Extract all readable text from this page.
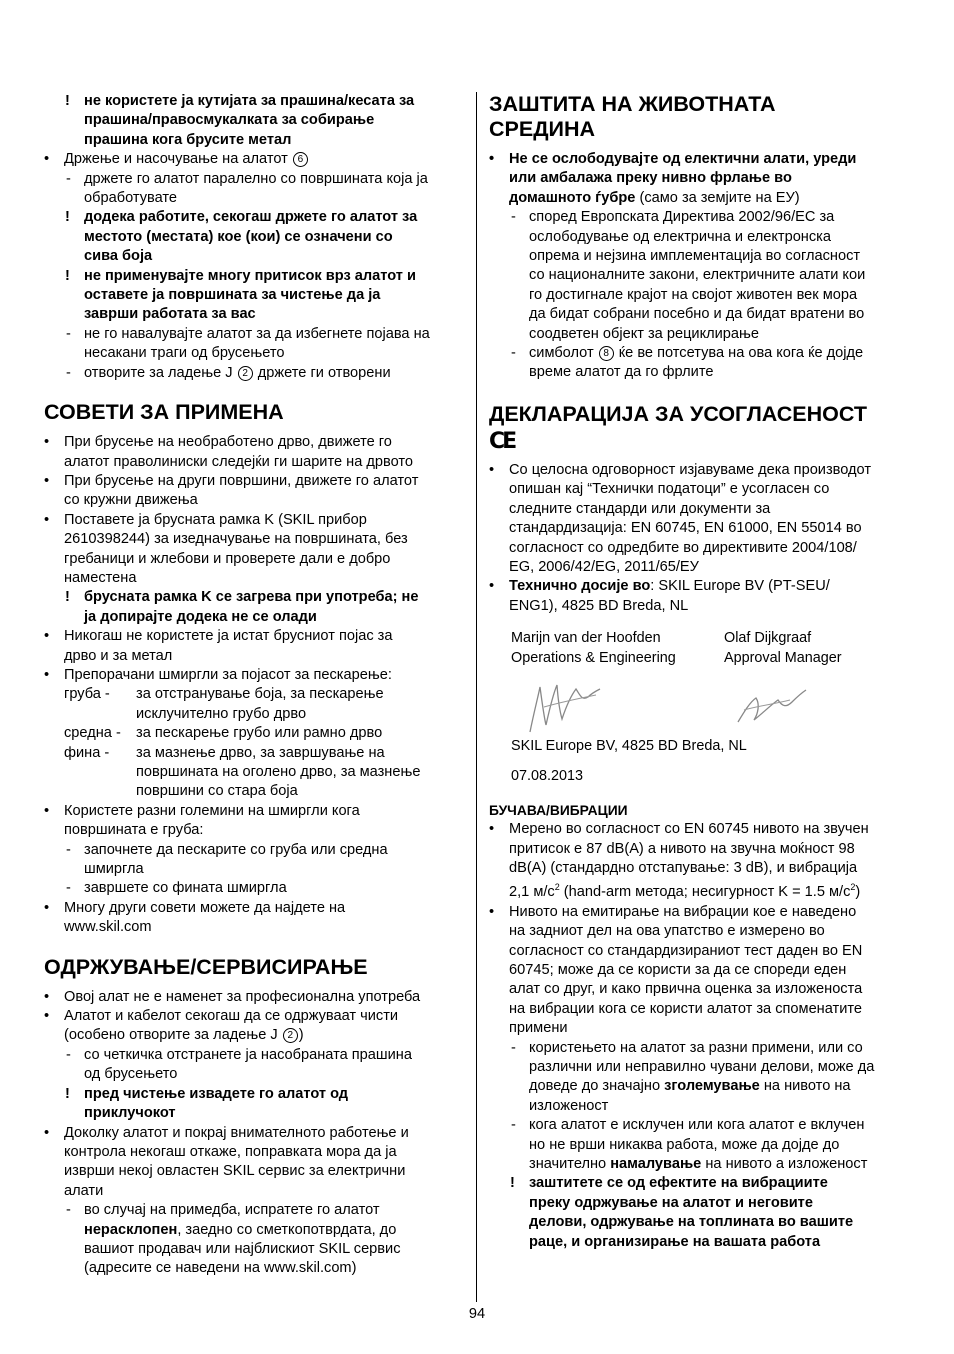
! не користете ја кутијата за прашина/кесата за
прашина/правосмукалката за собирање
прашина кога брусите метал
• Држење и насочување на алатот 6
- држете го алатот паралелно со површината која ја
обработувате
! додека работите, секогаш држете го алатот за
местото (местата) кое (кои) се означени со
сива боја
! не применувајте многу притисок врз алатот и
оставете ја површината за чистење да ја
заврши работата за вас
- не го навалувајте алатот за да избегнете појава на
несакани траги од брусењето
- отворите за ладење J 2 држете ги отворени
СОВЕТИ ЗА ПРИМЕНА
• При брусење на необработено дрво, движете го
алатот праволиниски следејќи ги шарите на дрвото
• При брусење на други површини, движете го алатот
со кружни движења
• Поставете ја брусната рамка K (SKIL прибор
2610398244) за изедначување на површината, без
гребаници и жлебови и проверете дали е добро
наместена
! брусната рамка K се загрева при употреба; не
ја допирајте додека не се олади
• Никогаш не користете ја истат брусниот појас за
дрво и за метал
• Препорачани шмиргли за појасот за пескарење:
груба - за отстранување боја, за пескарење
исклучително грубо дрво
средна - за пескарење грубо или рамно дрво
фина - за мазнење дрво, за завршување на
површината на оголено дрво, за мазнење
површини со стара боја
• Користете разни големини на шмиргли кога
површината е груба:
- започнете да пескарите со груба или средна
шмиргла
- завршете со фината шмиргла
• Многу други совети можете да најдете на
www.skil.com
ОДРЖУВАЊЕ/СЕРВИСИРАЊЕ
• Овој алат не е наменет за професионална употреба
• Алатот и кабелот секогаш да се одржуваат чисти
(особено отворите за ладење J 2 )
- со четкичка отстранете ја насобраната прашина
од брусењето
! пред чистење извадете го алатот од
приклучокот
• Доколку алатот и покрај внимателното работење и
контрола некогаш откаже, поправката мора да ја
изврши некој овластен SKIL сервис за електрични
алати
- во случај на примедба, испратете го алатот
нерасклопен, заедно со сметкопотврдата, до
вашиот продавач или најблискиот SKIL сервис
(адресите се наведени на www.skil.com)
ЗАШТИТА НА ЖИВОТНАТА
СРЕДИНА
• Не се ослободувајте од електични алати, уреди
или амбалажа преку нивно фрлање во
домашното ѓубре (само за земјите на ЕУ)
- според Европската Директива 2002/96/ЕС за
ослободување од електрична и електронска
опрема и нејзина имплементација во согласност
со националните закони, електричните алати кои
го достигнале крајот на својот животен век мора
да бидат собрани посебно и да бидат вратени во
соодветен објект за рециклирање
- симболот 8 ќе ве потсетува на ова кога ќе дојде
време алатот да го фрлите
ДЕКЛАРАЦИЈА ЗА УСОГЛАСЕНОСТ
CE
• Со целосна одговорност изјавуваме дека производот
опишан кај “Технички податоци” е усогласен со
следните стандарди или документи за
стандардизација: EN 60745, EN 61000, EN 55014 во
согласност со одредбите во директивите 2004/108/
EG, 2006/42/EG, 2011/65/ЕУ
• Технично досије во: SKIL Europe BV (PT-SEU/
ENG1), 4825 BD Breda, NL
Marijn van der Hoofden
Operations & Engineering
Olaf Dijkgraaf
Approval Manager
SKIL Europe BV, 4825 BD Breda, NL
07.08.2013
БУЧАВА/ВИБРАЦИИ
• Мерено во согласност со EN 60745 нивото на звучен
притисок е 87 dB(A) а нивото на звучна моќност 98
dB(A) (стандардно отстапување: 3 dB), и вибрација
2,1 $м/с^2$ (hand-arm метода; несигурност K = 1.5 $м/с^2$)
• Нивото на емитирање на вибрации кое е наведено
на задниот дел на ова упатство е измерено во
согласност со стандардизираниот тест даден во EN
60745; може да се користи за да се спореди еден
алат со друг, и како првична оценка за изложеноста
на вибрации кога се користи алатот за споменатите
примени
- користењето на алатот за разни примени, или со
различни или неправилно чувани делови, може да
доведе до значајно зголемување на нивото на
изложеност
- кога алатот е исклучен или кога алатот е вклучен
но не врши никаква работа, може да дојде до
значително намалување на нивото а изложеност
! заштитете се од ефектите на вибрациите
преку одржување на алатот и неговите
делови, одржување на топлината во вашите
раце, и организирање на вашата работа
94
